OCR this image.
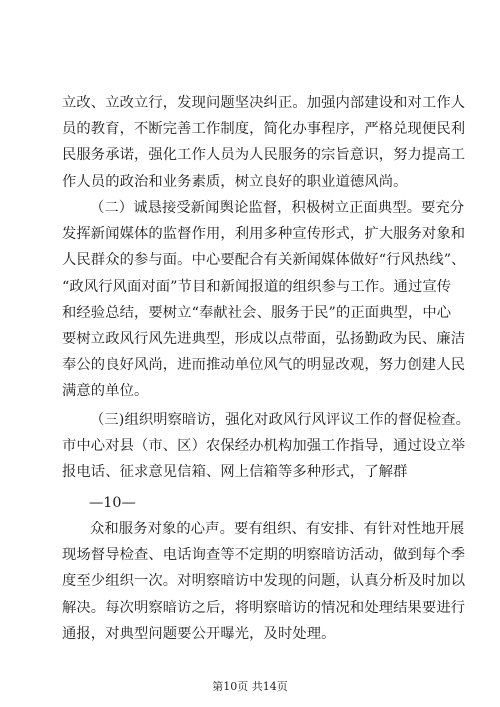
立改、立改立行，发现问题坚决纠正。加强内部建设和对工作人
员的教育，不断完善工作制度，简化办事程序，严格兑现便民利
民服务承诺，强化工作人员为人民服务的宗旨意识，努力提高工
作人员的政治和业务素质，树立良好的职业道德风尚。
（二）诚恳接受新闻舆论监督，积极树立正面典型。要充分
发挥新闻媒体的监督作用，利用多种宣传形式，扩大服务对象和
人民群众的参与面。中心要配合有关新闻媒体做好“行风热线”、
“政风行风面对面”节目和新闻报道的组织参与工作。通过宣传
和经验总结，要树立“奉献社会、服务于民”的正面典型，中心
要树立政风行风先进典型，形成以点带面，弘扬勤政为民、廉洁
奉公的良好风尚，进而推动单位风气的明显改观，努力创建人民
满意的单位。
（三)组织明察暗访，强化对政风行风评议工作的督促检查。
市中心对县（市、区）农保经办机构加强工作指导，通过设立举
报电话、征求意见信箱、网上信箱等多种形式，了解群
—10—
众和服务对象的心声。要有组织、有安排、有针对性地开展
现场督导检查、电话询查等不定期的明察暗访活动，做到每个季
度至少组织一次。对明察暗访中发现的问题，认真分析及时加以
解决。每次明察暗访之后，将明察暗访的情况和处理结果要进行
通报，对典型问题要公开曝光，及时处理。
第10页 共14页
